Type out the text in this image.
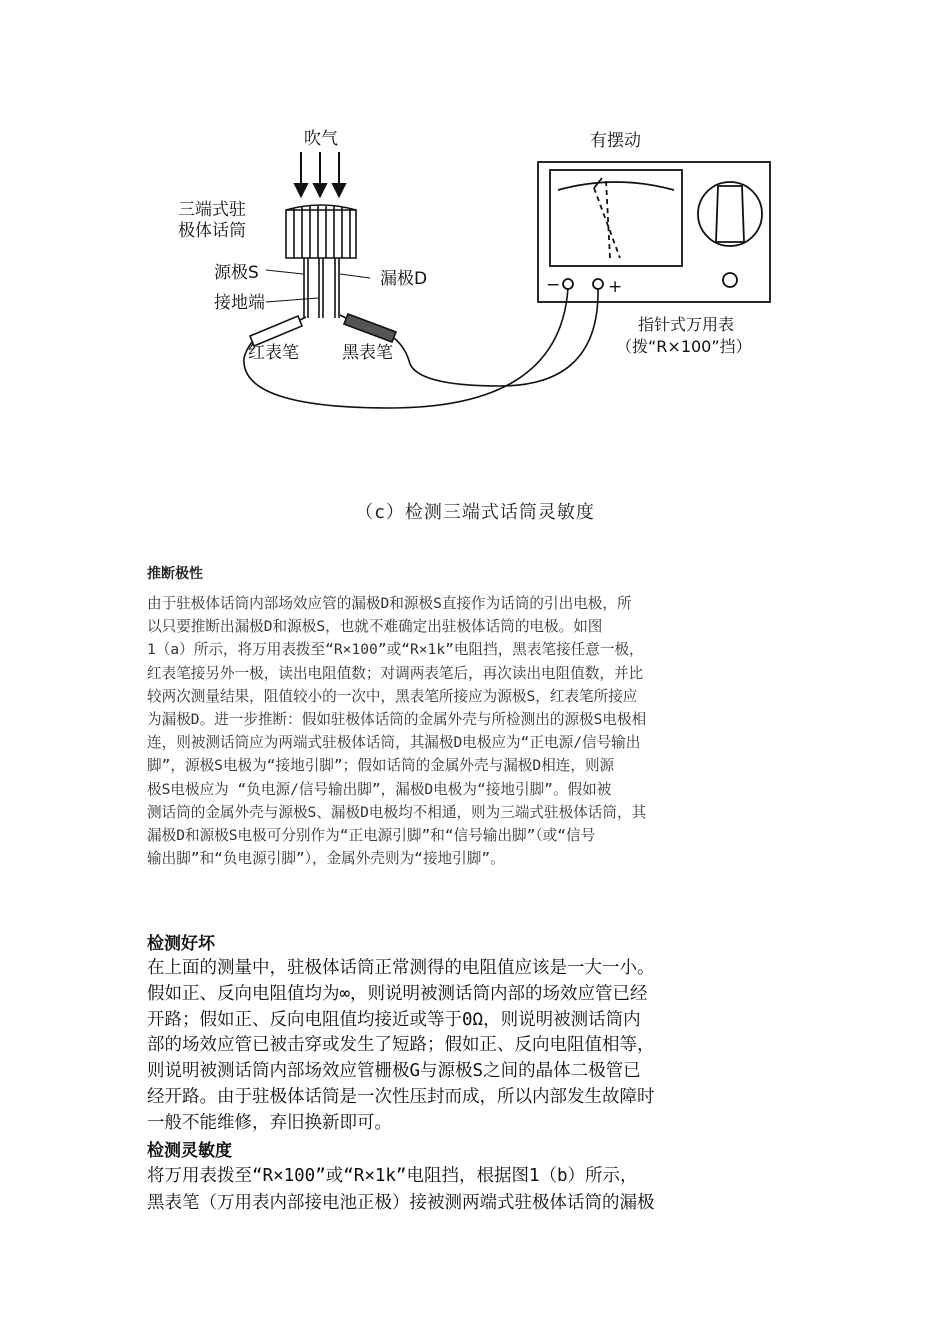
吹气
三端式驻
极体话筒
源极S	漏极D
接地端
红表笔	黑表笔
有摆动
−	+
指针式万用表
（拨“R×100”挡）
（c）检测三端式话筒灵敏度
推断极性
由于驻极体话筒内部场效应管的漏极D和源极S直接作为话筒的引出电极，所
以只要推断出漏极D和源极S，也就不难确定出驻极体话筒的电极。如图
1（a）所示，将万用表拨至“R×100”或“R×1k”电阻挡，黑表笔接任意一极，
红表笔接另外一极，读出电阻值数；对调两表笔后，再次读出电阻值数，并比
较两次测量结果，阻值较小的一次中，黑表笔所接应为源极S，红表笔所接应
为漏极D。进一步推断：假如驻极体话筒的金属外壳与所检测出的源极S电极相
连，则被测话筒应为两端式驻极体话筒，其漏极D电极应为“正电源/信号输出
脚”，源极S电极为“接地引脚”；假如话筒的金属外壳与漏极D相连，则源
极S电极应为 “负电源/信号输出脚”，漏极D电极为“接地引脚”。假如被
测话筒的金属外壳与源极S、漏极D电极均不相通，则为三端式驻极体话筒，其
漏极D和源极S电极可分别作为“正电源引脚”和“信号输出脚”（或“信号
输出脚”和“负电源引脚”），金属外壳则为“接地引脚”。
检测好坏
在上面的测量中，驻极体话筒正常测得的电阻值应该是一大一小。
假如正、反向电阻值均为∞，则说明被测话筒内部的场效应管已经
开路；假如正、反向电阻值均接近或等于0Ω，则说明被测话筒内
部的场效应管已被击穿或发生了短路；假如正、反向电阻值相等，
则说明被测话筒内部场效应管栅极G与源极S之间的晶体二极管已
经开路。由于驻极体话筒是一次性压封而成，所以内部发生故障时
一般不能维修，弃旧换新即可。
检测灵敏度
将万用表拨至“R×100”或“R×1k”电阻挡，根据图1（b）所示，
黑表笔（万用表内部接电池正极）接被测两端式驻极体话筒的漏极
